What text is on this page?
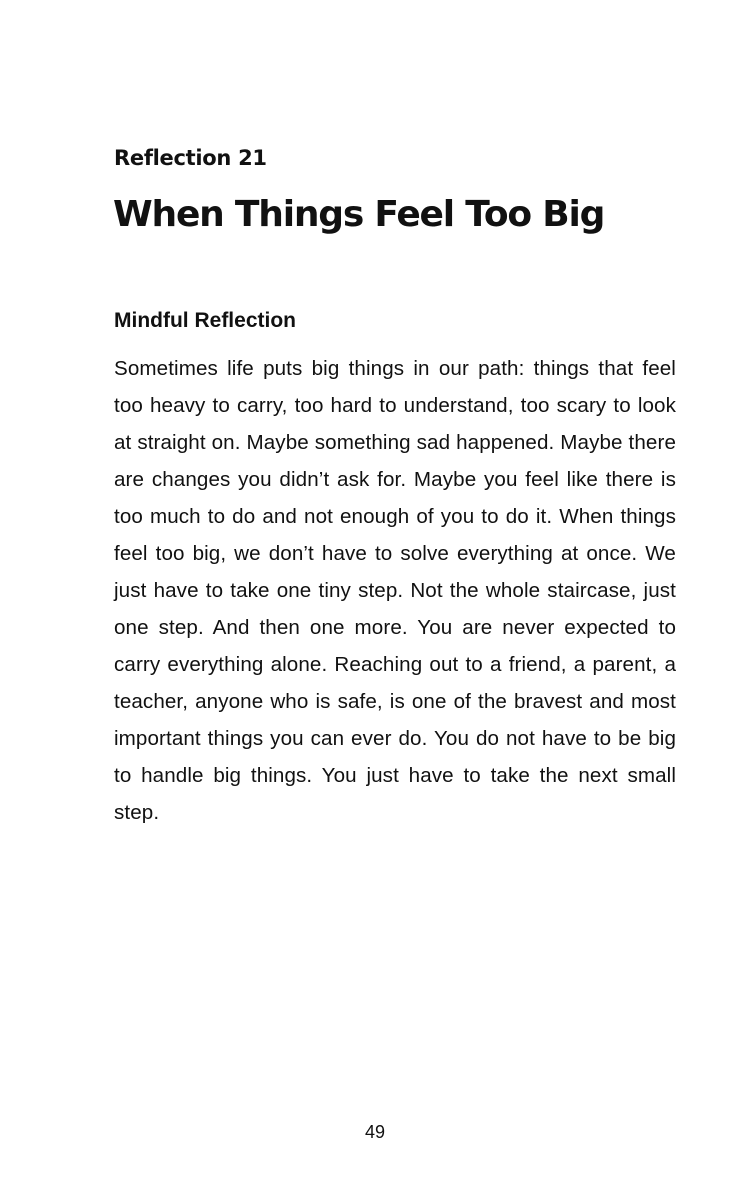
Reflection 21
When Things Feel Too Big
Mindful Reflection

Sometimes life puts big things in our path: things that feel too heavy to carry, too hard to understand, too scary to look at straight on. Maybe something sad happened. Maybe there are changes you didn’t ask for. Maybe you feel like there is too much to do and not enough of you to do it. When things feel too big, we don’t have to solve everything at once. We just have to take one tiny step. Not the whole staircase, just one step. And then one more. You are never expected to carry everything alone. Reaching out to a friend, a parent, a teacher, anyone who is safe, is one of the bravest and most important things you can ever do. You do not have to be big to handle big things. You just have to take the next small step.

49
